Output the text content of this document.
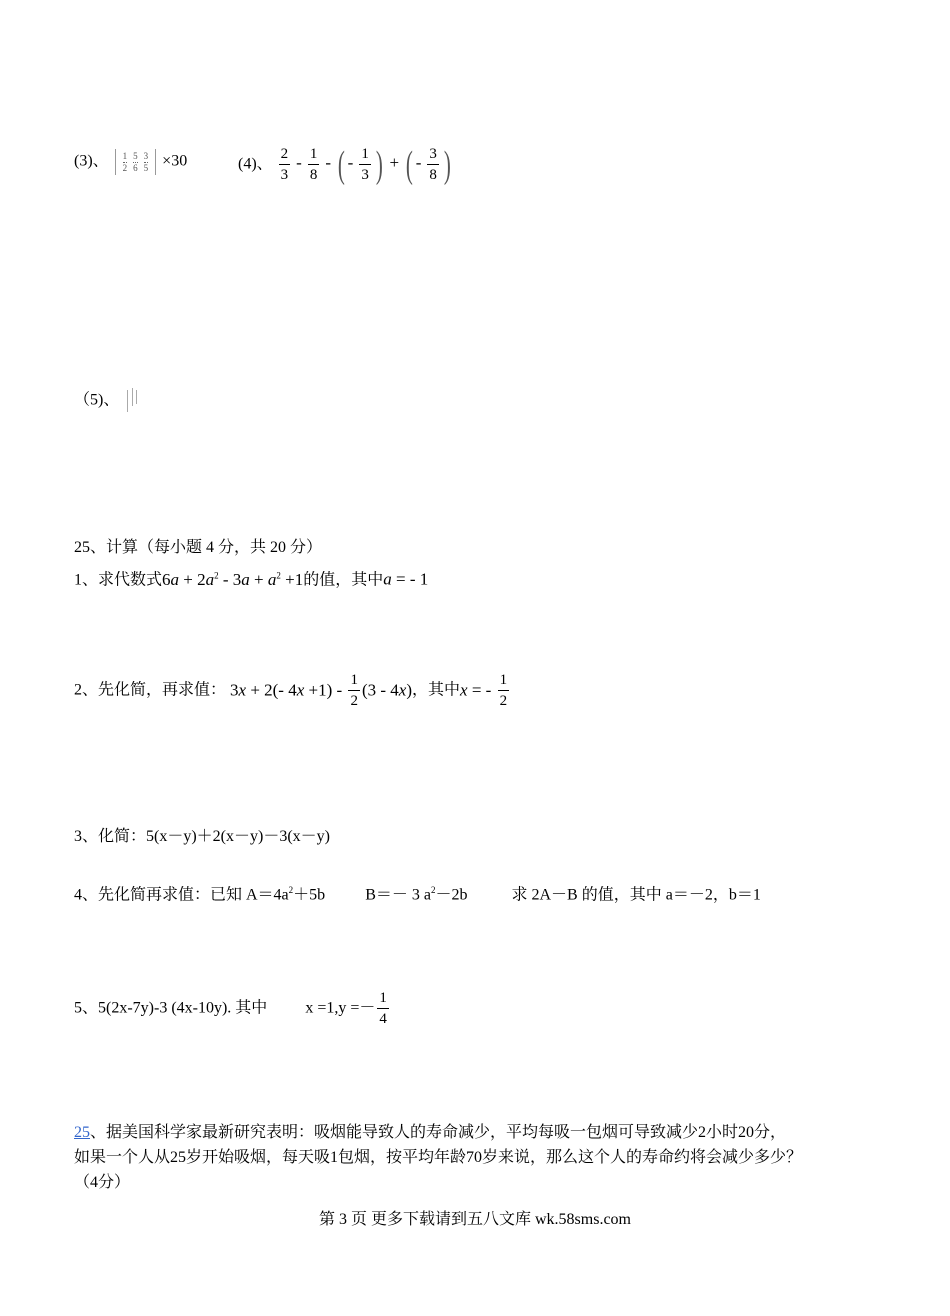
(3)、 $\frac{1}{2}$
$\frac{5}{6}$
$\frac{3}{5} \times 30$	(4)、 $\frac{2}{3} - \frac{1}{8}$ - ( - $\frac{1}{3}$ ) + ( - $\frac{3}{8}$ )
（5)、
25、计算（每小题 4 分，共 20 分）
1、求代数式$6a + 2a^2 - 3a + a^2 +1$的值，其中a = - 1
2、先化简，再求值： 3x + 2(- $4x +1) - \frac{1}{2} (3 - 4x)$，其中x = - $\frac{1}{2}$
3、化简：5(x－y)＋2(x－y)－3(x－y)
4、先化简再求值：已知 $A=4a^2+5b$	B＝－ 3 $a^2-2b$	求 2A－B 的值，其中 a＝－2，b＝1
5、5(2x-7y)-3 (4x-10y). 其中 $x =1,y =- \frac{1}{4}$
25、据美国科学家最新研究表明：吸烟能导致人的寿命减少，平均每吸一包烟可导致减少2小时20分，
如果一个人从25岁开始吸烟，每天吸1包烟，按平均年龄70岁来说，那么这个人的寿命约将会减少多少？
（4分）
第 3 页 更多下载请到五八文库 wk.58sms.com
